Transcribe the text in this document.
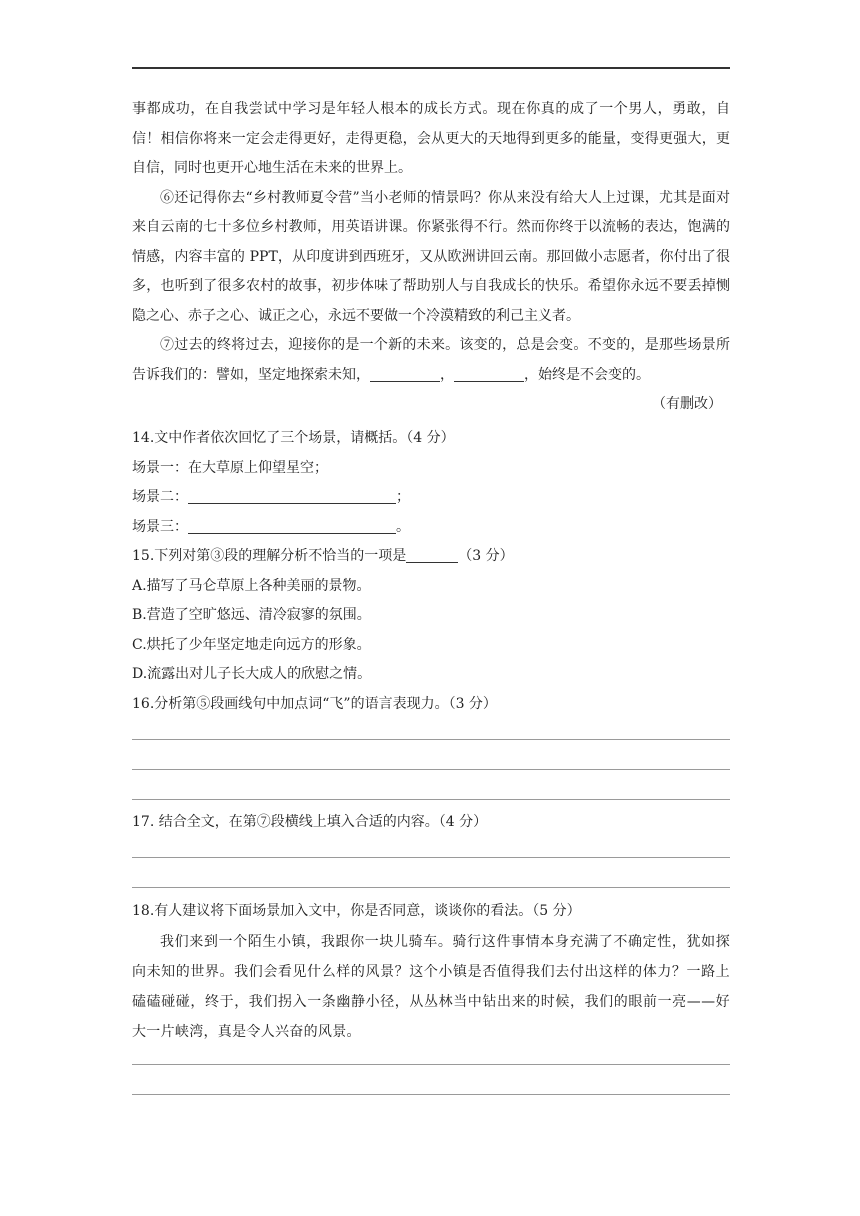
事都成功，在自我尝试中学习是年轻人根本的成长方式。现在你真的成了一个男人，勇敢，自信！相信你将来一定会走得更好，走得更稳，会从更大的天地得到更多的能量，变得更强大，更自信，同时也更开心地生活在未来的世界上。

⑥还记得你去“乡村教师夏令营”当小老师的情景吗？你从来没有给大人上过课，尤其是面对来自云南的七十多位乡村教师，用英语讲课。你紧张得不行。然而你终于以流畅的表达，饱满的情感，内容丰富的 PPT，从印度讲到西班牙，又从欧洲讲回云南。那回做小志愿者，你付出了很多，也听到了很多农村的故事，初步体味了帮助别人与自我成长的快乐。希望你永远不要丢掉恻隐之心、赤子之心、诚正之心，永远不要做一个冷漠精致的利己主义者。

⑦过去的终将过去，迎接你的是一个新的未来。该变的，总是会变。不变的，是那些场景所告诉我们的：譬如，坚定地探索未知，	，	，始终是不会变的。

（有删改）

14.文中作者依次回忆了三个场景，请概括。（4 分）

场景一：在大草原上仰望星空；

场景二：	；

场景三：	。

15.下列对第③段的理解分析不恰当的一项是	（3 分）

A.描写了马仑草原上各种美丽的景物。

B.营造了空旷悠远、清冷寂寥的氛围。

C.烘托了少年坚定地走向远方的形象。

D.流露出对儿子长大成人的欣慰之情。

16.分析第⑤段画线句中加点词“飞”的语言表现力。（3 分）

17. 结合全文，在第⑦段横线上填入合适的内容。（4 分）

18.有人建议将下面场景加入文中，你是否同意，谈谈你的看法。（5 分）

我们来到一个陌生小镇，我跟你一块儿骑车。骑行这件事情本身充满了不确定性，犹如探向未知的世界。我们会看见什么样的风景？这个小镇是否值得我们去付出这样的体力？一路上磕磕碰碰，终于，我们拐入一条幽静小径，从丛林当中钻出来的时候，我们的眼前一亮——好大一片峡湾，真是令人兴奋的风景。
